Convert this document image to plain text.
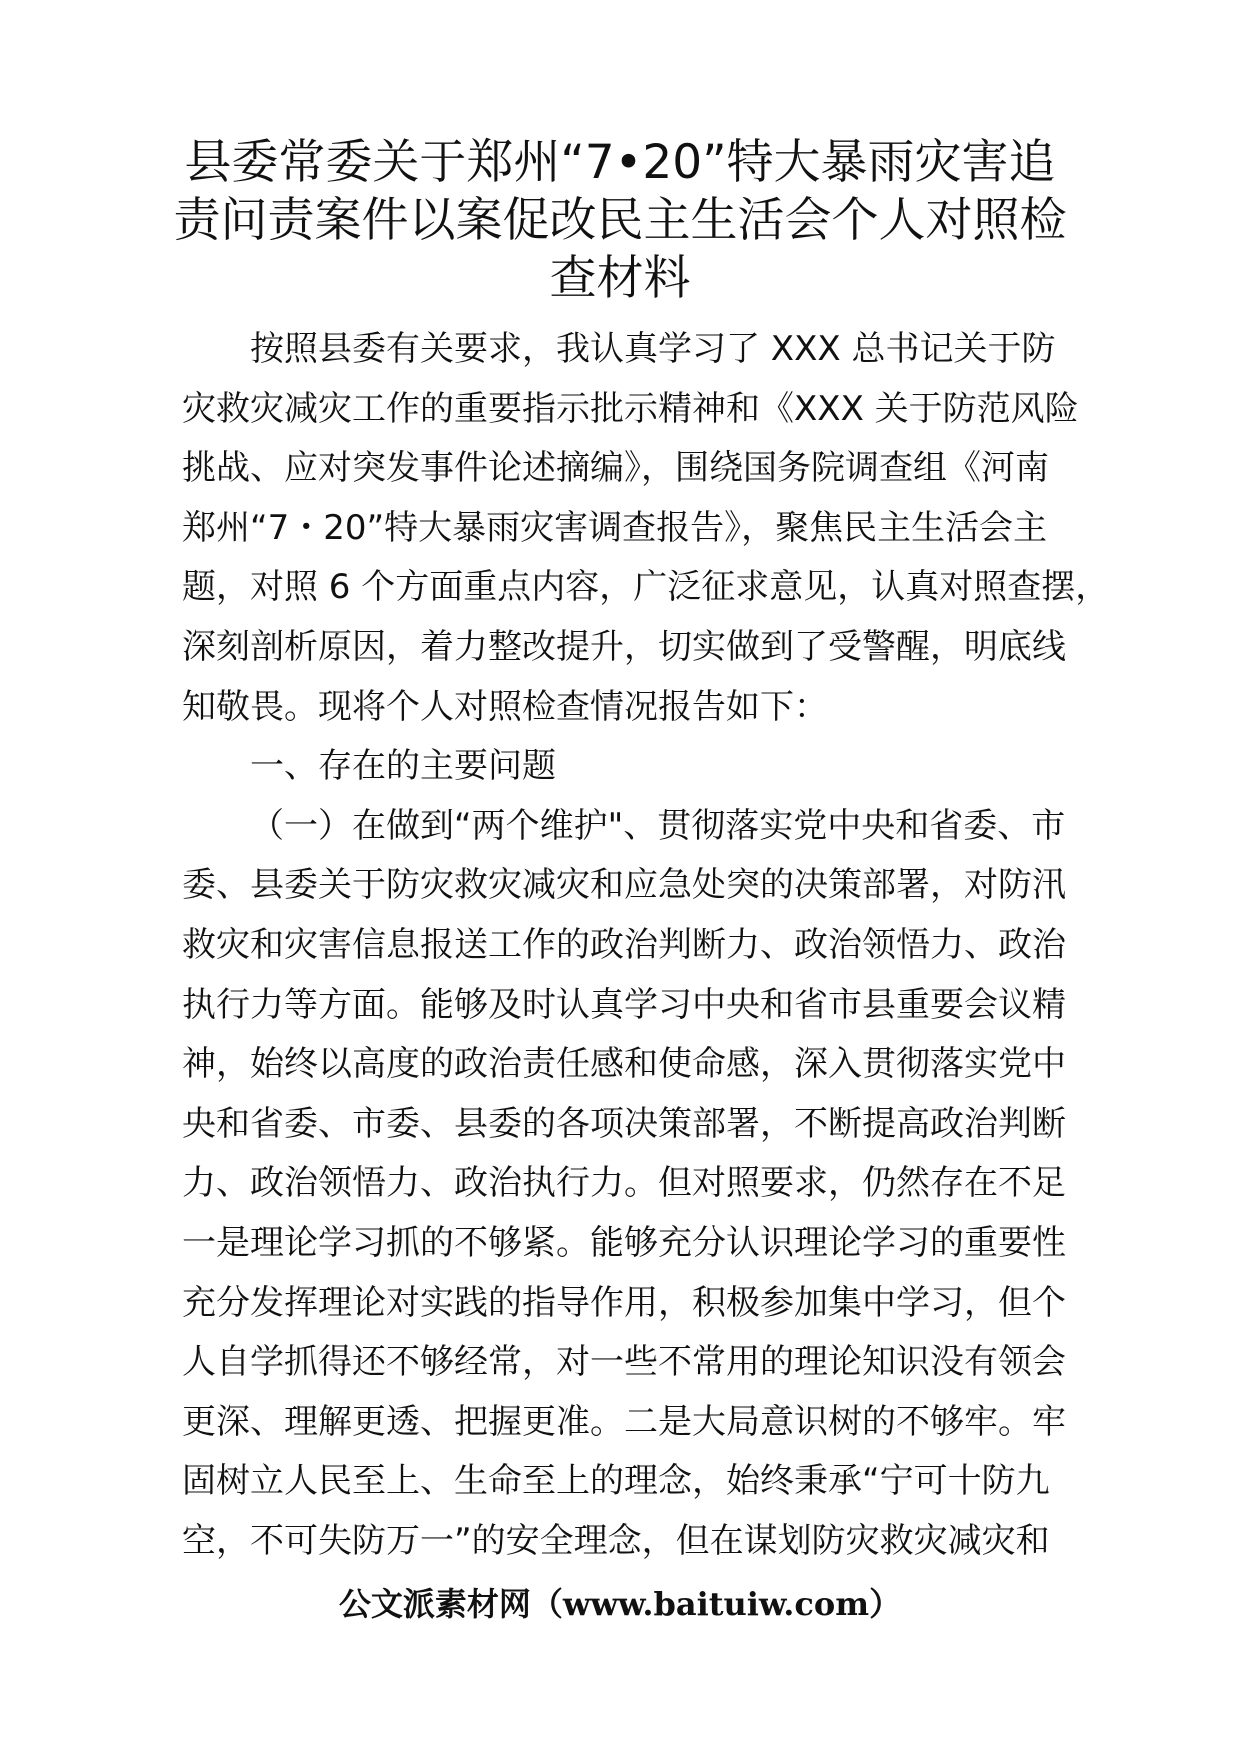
县委常委关于郑州“7•20”特大暴雨灾害追
责问责案件以案促改民主生活会个人对照检
查材料
按照县委有关要求，我认真学习了 XXX 总书记关于防
灾救灾减灾工作的重要指示批示精神和《XXX 关于防范风险
挑战、应对突发事件论述摘编》，围绕国务院调查组《河南
郑州“7・20”特大暴雨灾害调查报告》，聚焦民主生活会主
题，对照 6 个方面重点内容，广泛征求意见，认真对照查摆，
深刻剖析原因，着力整改提升，切实做到了受警醒，明底线
知敬畏。现将个人对照检查情况报告如下：
一、存在的主要问题
（一）在做到“两个维护"、贯彻落实党中央和省委、市
委、县委关于防灾救灾减灾和应急处突的决策部署，对防汛
救灾和灾害信息报送工作的政治判断力、政治领悟力、政治
执行力等方面。能够及时认真学习中央和省市县重要会议精
神，始终以高度的政治责任感和使命感，深入贯彻落实党中
央和省委、市委、县委的各项决策部署，不断提高政治判断
力、政治领悟力、政治执行力。但对照要求，仍然存在不足
一是理论学习抓的不够紧。能够充分认识理论学习的重要性
充分发挥理论对实践的指导作用，积极参加集中学习，但个
人自学抓得还不够经常，对一些不常用的理论知识没有领会
更深、理解更透、把握更准。二是大局意识树的不够牢。牢
固树立人民至上、生命至上的理念，始终秉承“宁可十防九
空，不可失防万一”的安全理念，但在谋划防灾救灾减灾和
公文派素材网（www.baituiw.com）
